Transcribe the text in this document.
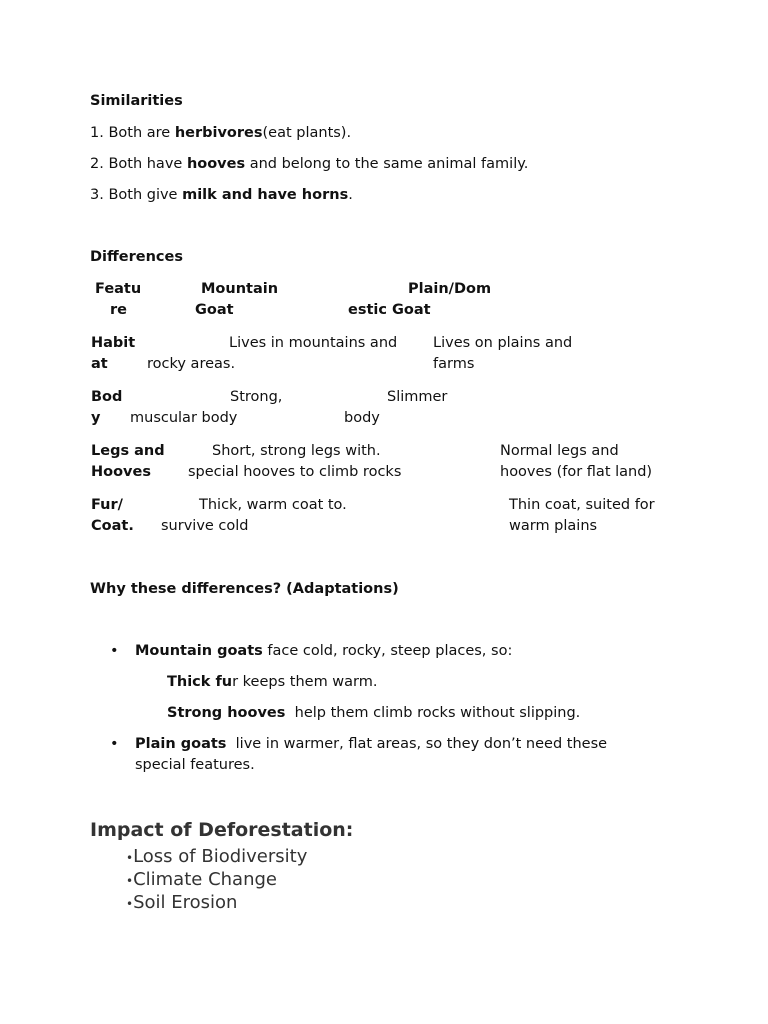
Similarities
1. Both are herbivores(eat plants).
2. Both have hooves and belong to the same animal family.
3. Both give milk and have horns.
Differences
Featu
re
Mountain
Goat
Plain/Dom
estic Goat
Habit
at
Lives in mountains and
rocky areas.
Lives on plains and
farms
Bod
y
Strong,
muscular body
Slimmer
body
Legs and
Hooves
Short, strong legs with.
special hooves to climb rocks
Normal legs and
hooves (for flat land)
Fur/
Coat.
Thick, warm coat to.
survive cold
Thin coat, suited for
warm plains
Why these differences? (Adaptations)
• Mountain goats face cold, rocky, steep places, so:
Thick fur keeps them warm.
Strong hooves  help them climb rocks without slipping.
• Plain goats  live in warmer, flat areas, so they don’t need these
special features.
Impact of Deforestation:
•Loss of Biodiversity
•Climate Change
•Soil Erosion
